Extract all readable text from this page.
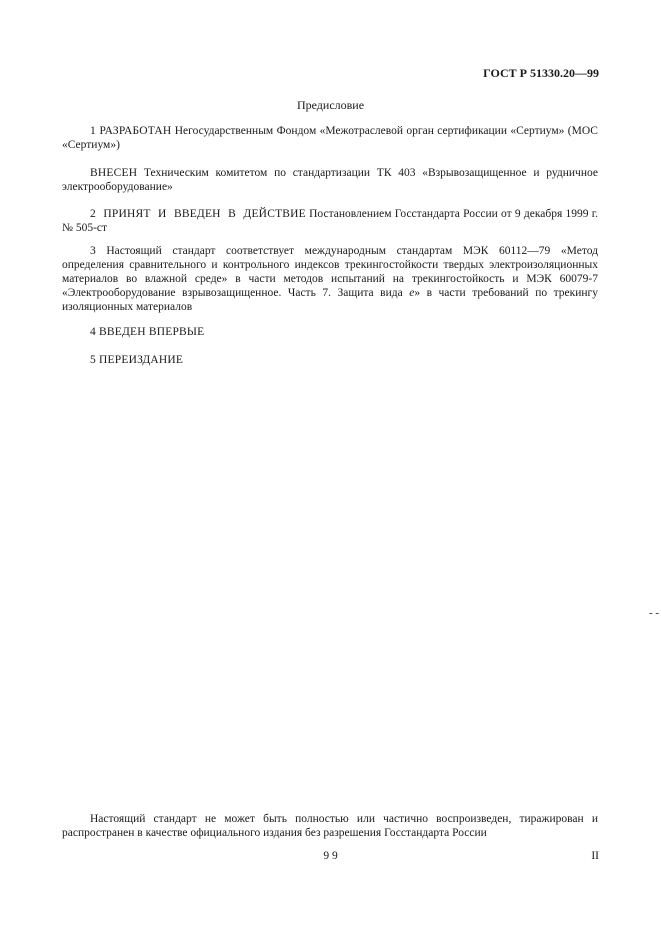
ГОСТ Р 51330.20—99
Предисловие

1 РАЗРАБОТАН Негосударственным Фондом «Межотраслевой орган сертификации «Сертиум» (МОС «Сертиум»)

ВНЕСЕН Техническим комитетом по стандартизации ТК 403 «Взрывозащищенное и рудничное электрооборудование»

2 ПРИНЯТ И ВВЕДЕН В ДЕЙСТВИЕ Постановлением Госстандарта России от 9 декабря 1999 г. № 505-ст

3 Настоящий стандарт соответствует международным стандартам МЭК 60112—79 «Метод определения сравнительного и контрольного индексов трекингостойкости твердых электроизоляционных материалов во влажной среде» в части методов испытаний на трекингостойкость и МЭК 60079-7 «Электрооборудование взрывозащищенное. Часть 7. Защита вида е» в части требований по трекингу изоляционных материалов

4 ВВЕДЕН ВПЕРВЫЕ

5 ПЕРЕИЗДАНИЕ

- -

Настоящий стандарт не может быть полностью или частично воспроизведен, тиражирован и распространен в качестве официального издания без разрешения Госстандарта России

9 9	II
